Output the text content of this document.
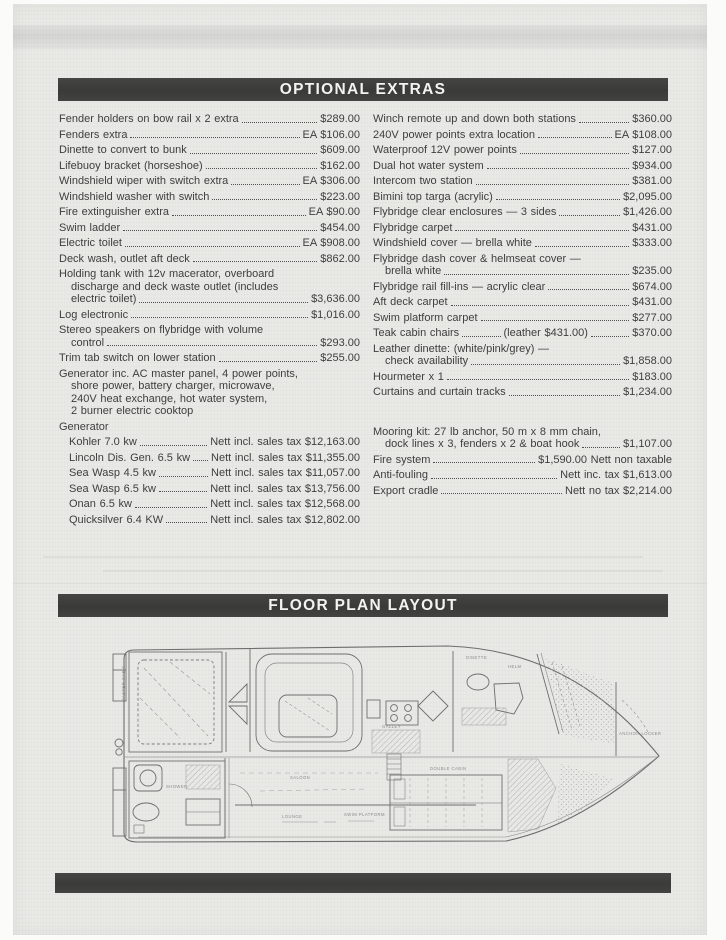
OPTIONAL EXTRAS
Fender holders on bow rail x 2 extra	$289.00
Fenders extra	EA $106.00
Dinette to convert to bunk	$609.00
Lifebuoy bracket (horseshoe)	$162.00
Windshield wiper with switch extra	EA $306.00
Windshield washer with switch	$223.00
Fire extinguisher extra	EA $90.00
Swim ladder	$454.00
Electric toilet	EA $908.00
Deck wash, outlet aft deck	$862.00
Holding tank with 12v macerator, overboard
discharge and deck waste outlet (includes
electric toilet)	$3,636.00
Log electronic	$1,016.00
Stereo speakers on flybridge with volume
control	$293.00
Trim tab switch on lower station	$255.00
Generator inc. AC master panel, 4 power points,
shore power, battery charger, microwave,
240V heat exchange, hot water system,
2 burner electric cooktop
Generator
Kohler 7.0 kw	Nett incl. sales tax $12,163.00
Lincoln Dis. Gen. 6.5 kw Nett incl. sales tax $11,355.00
Sea Wasp 4.5 kw	Nett incl. sales tax $11,057.00
Sea Wasp 6.5 kw	Nett incl. sales tax $13,756.00
Onan 6.5 kw	Nett incl. sales tax $12,568.00
Quicksilver 6.4 KW	Nett incl. sales tax $12,802.00
Winch remote up and down both stations	$360.00
240V power points extra location	EA $108.00
Waterproof 12V power points	$127.00
Dual hot water system	$934.00
Intercom two station	$381.00
Bimini top targa (acrylic)	$2,095.00
Flybridge clear enclosures — 3 sides	$1,426.00
Flybridge carpet	$431.00
Windshield cover — brella white	$333.00
Flybridge dash cover & helmseat cover —
brella white	$235.00
Flybridge rail fill-ins — acrylic clear	$674.00
Aft deck carpet	$431.00
Swim platform carpet	$277.00
Teak cabin chairs	(leather $431.00)	$370.00
Leather dinette: (white/pink/grey) —
check availability	$1,858.00
Hourmeter x 1	$183.00
Curtains and curtain tracks	$1,234.00
Mooring kit: 27 lb anchor, 50 m x 8 mm chain,
dock lines x 3, fenders x 2 & boat hook	$1,107.00
Fire system	$1,590.00 Nett non taxable
Anti-fouling	Nett inc. tax $1,613.00
Export cradle	Nett no tax $2,214.00
FLOOR PLAN LAYOUT
SALOON
GALLEY
DINETTE
DOUBLE CABIN
LOUNGE	SWIM PLATFORM
ANCHOR LOCKER
MASTER CABIN
SHOWER
HELM
